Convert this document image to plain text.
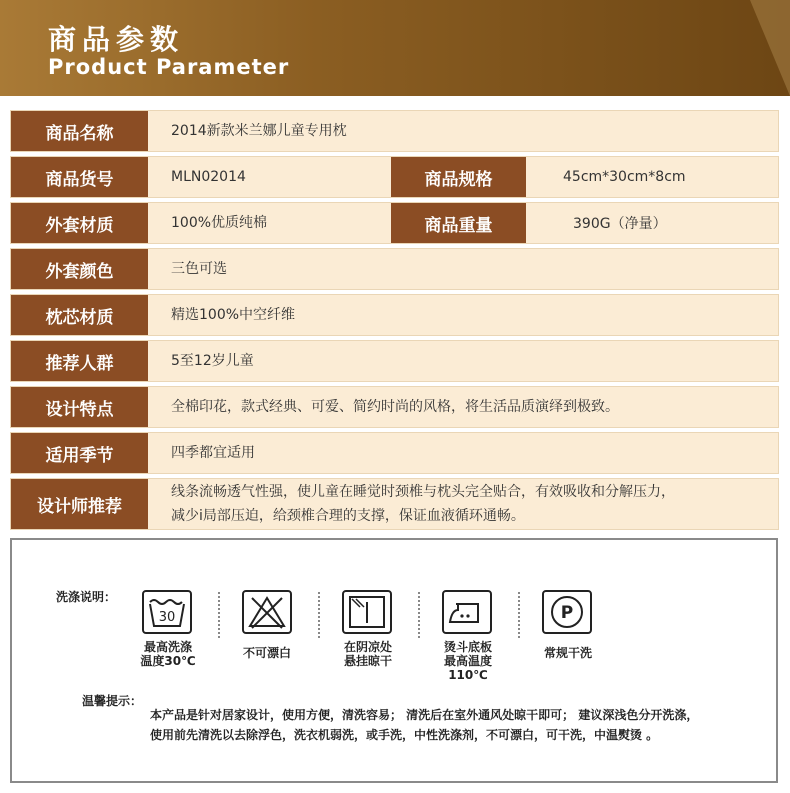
商品参数
Product Parameter
商品名称	2014新款米兰娜儿童专用枕
商品货号	MLN02014	商品规格	45cm*30cm*8cm
外套材质	100%优质纯棉	商品重量	390G（净量）
外套颜色	三色可选
枕芯材质	精选100%中空纤维
推荐人群	5至12岁儿童
设计特点	全棉印花，款式经典、可爱、简约时尚的风格，将生活品质演绎到极致。
适用季节	四季都宜适用
设计师推荐
线条流畅透气性强，使儿童在睡觉时颈椎与枕头完全贴合，有效吸收和分解压力，
减少i局部压迫，给颈椎合理的支撑，保证血液循环通畅。
洗涤说明：
30
最高洗涤
温度30℃
不可漂白	在阴凉处
悬挂晾干
烫斗底板
最高温度110℃
P
常规干洗
温馨提示：
本产品是针对居家设计，使用方便，清洗容易； 清洗后在室外通风处晾干即可； 建议深浅色分开洗涤，
使用前先清洗以去除浮色，洗衣机弱洗，或手洗，中性洗涤剂，不可漂白，可干洗，中温熨烫 。
